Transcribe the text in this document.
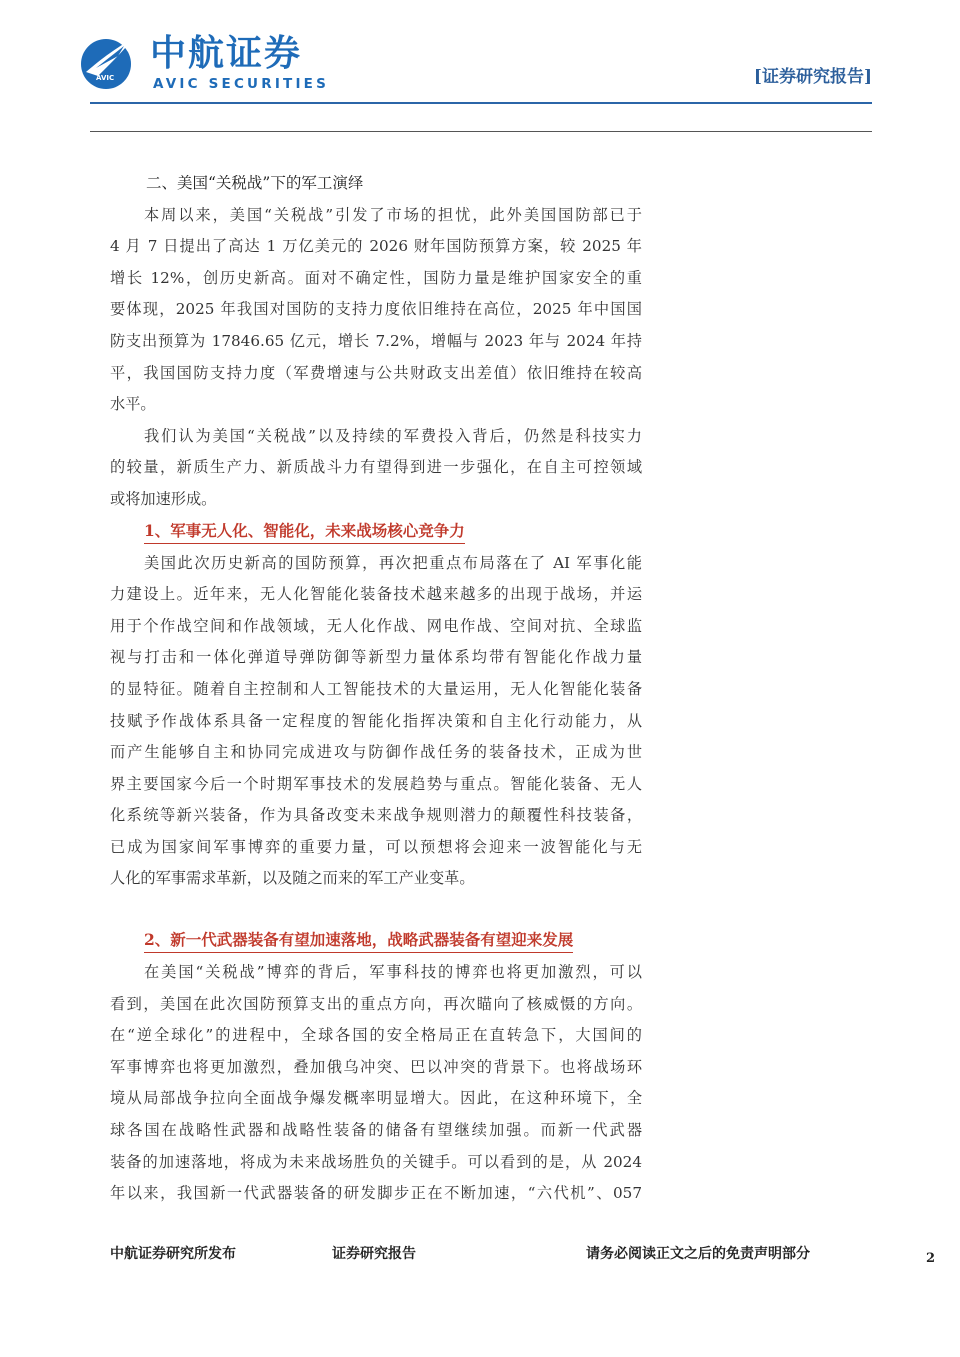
AVIC
中航证券
AVIC SECURITIES	[证券研究报告]
二、美国“关税战”下的军工演绎

本周以来，美国“关税战”引发了市场的担忧，此外美国国防部已于
4 月 7 日提出了高达 1 万亿美元的 2026 财年国防预算方案，较 2025 年
增长 12%，创历史新高。面对不确定性，国防力量是维护国家安全的重
要体现，2025 年我国对国防的支持力度依旧维持在高位，2025 年中国国
防支出预算为 17846.65 亿元，增长 7.2%，增幅与 2023 年与 2024 年持
平，我国国防支持力度（军费增速与公共财政支出差值）依旧维持在较高
水平。

我们认为美国“关税战”以及持续的军费投入背后，仍然是科技实力
的较量，新质生产力、新质战斗力有望得到进一步强化，在自主可控领域
或将加速形成。

1、军事无人化、智能化，未来战场核心竞争力

美国此次历史新高的国防预算，再次把重点布局落在了 AI 军事化能
力建设上。近年来，无人化智能化装备技术越来越多的出现于战场，并运
用于个作战空间和作战领域，无人化作战、网电作战、空间对抗、全球监
视与打击和一体化弹道导弹防御等新型力量体系均带有智能化作战力量
的显特征。随着自主控制和人工智能技术的大量运用，无人化智能化装备
技赋予作战体系具备一定程度的智能化指挥决策和自主化行动能力，从
而产生能够自主和协同完成进攻与防御作战任务的装备技术，正成为世
界主要国家今后一个时期军事技术的发展趋势与重点。智能化装备、无人
化系统等新兴装备，作为具备改变未来战争规则潜力的颠覆性科技装备，
已成为国家间军事博弈的重要力量，可以预想将会迎来一波智能化与无
人化的军事需求革新，以及随之而来的军工产业变革。

2、新一代武器装备有望加速落地，战略武器装备有望迎来发展

在美国“关税战”博弈的背后，军事科技的博弈也将更加激烈，可以
看到，美国在此次国防预算支出的重点方向，再次瞄向了核威慑的方向。
在“逆全球化”的进程中，全球各国的安全格局正在直转急下，大国间的
军事博弈也将更加激烈，叠加俄乌冲突、巴以冲突的背景下。也将战场环
境从局部战争拉向全面战争爆发概率明显增大。因此，在这种环境下，全
球各国在战略性武器和战略性装备的储备有望继续加强。而新一代武器
装备的加速落地，将成为未来战场胜负的关键手。可以看到的是，从 2024
年以来，我国新一代武器装备的研发脚步正在不断加速，“六代机”、057

中航证券研究所发布	证券研究报告	请务必阅读正文之后的免责声明部分	2
